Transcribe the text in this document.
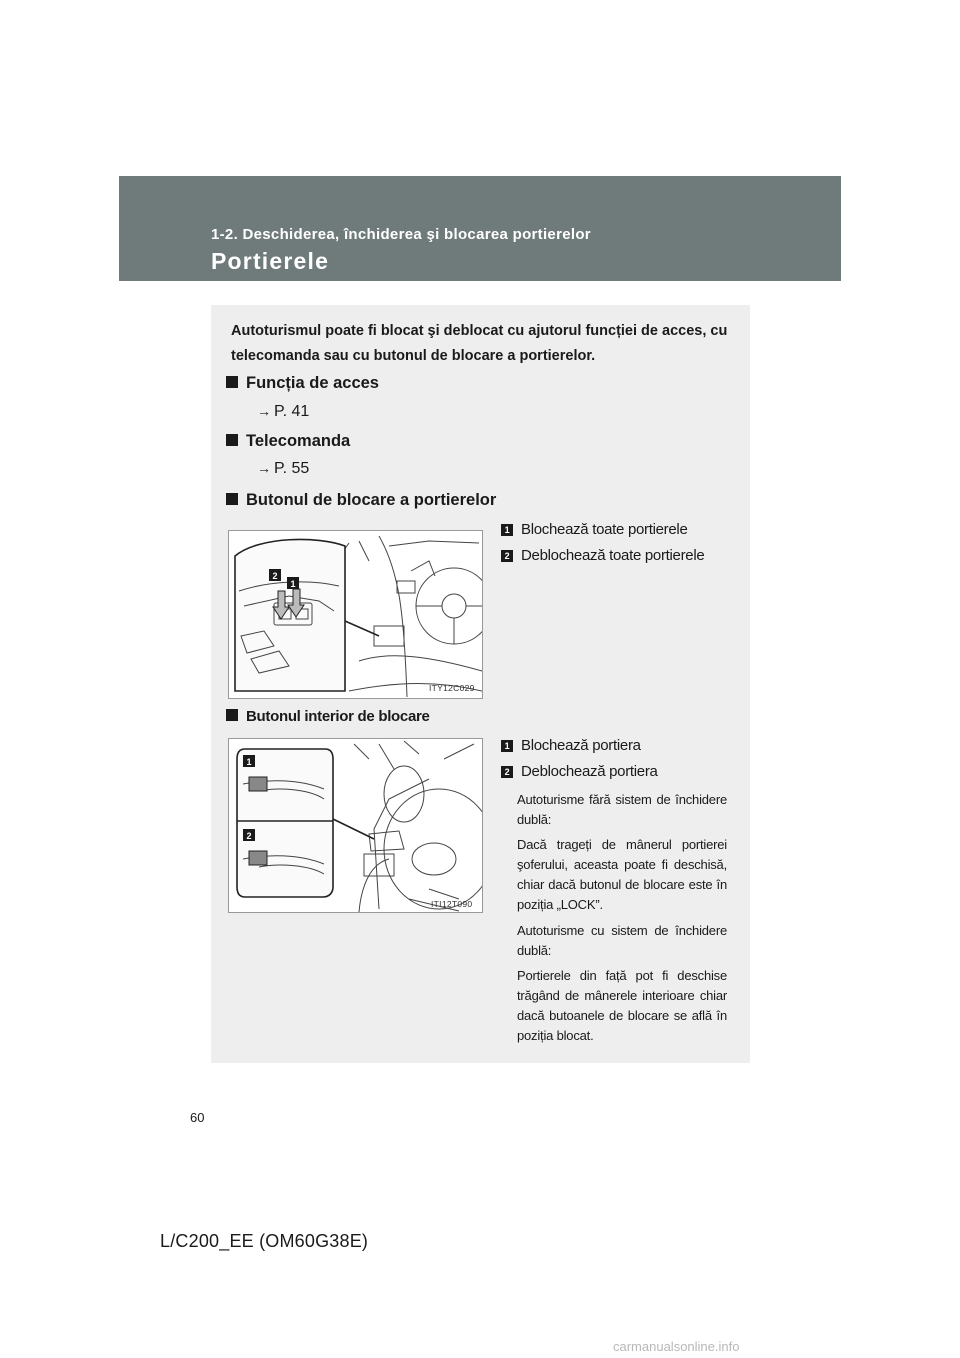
1-2. Deschiderea, închiderea şi blocarea portierelor

Portierele

Autoturismul poate fi blocat şi deblocat cu ajutorul funcției de acces, cu telecomanda sau cu butonul de blocare a portierelor.

Funcția de acces

→ P. 41

Telecomanda

→ P. 55

Butonul de blocare a portierelor

2
1
ITY12C029
1 Blochează toate portierele
2 Deblochează toate portierele

Butonul interior de blocare

1
2
ITI12T090
1 Blochează portiera
2 Deblochează portiera

Autoturisme fără sistem de închidere dublă:

Dacă trageți de mânerul portierei şoferului, aceasta poate fi deschisă, chiar dacă butonul de blocare este în poziția „LOCK”.

Autoturisme cu sistem de închidere dublă:

Portierele din față pot fi deschise trăgând de mânerele interioare chiar dacă butoanele de blocare se află în poziția blocat.

60

L/C200_EE (OM60G38E)

carmanualsonline.info
